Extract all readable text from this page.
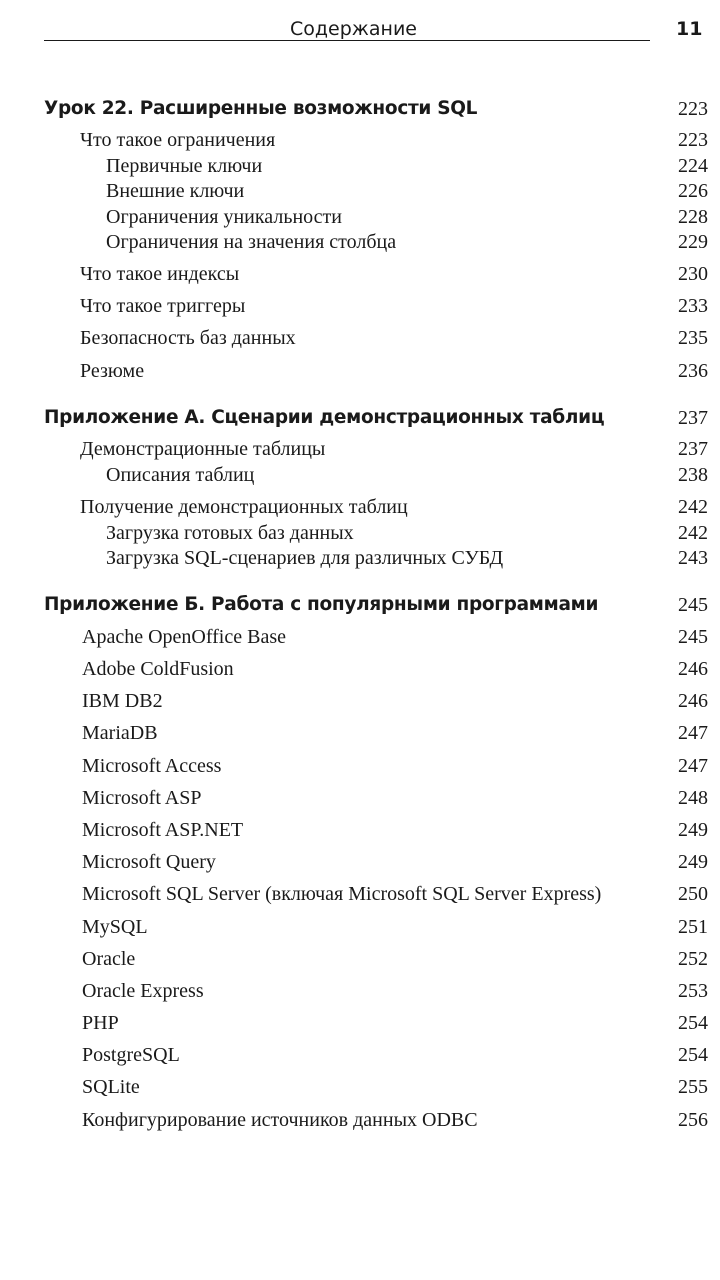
Содержание	11
Урок 22. Расширенные возможности SQL	223
Что такое ограничения	223
Первичные ключи	224
Внешние ключи	226
Ограничения уникальности	228
Ограничения на значения столбца	229
Что такое индексы	230
Что такое триггеры	233
Безопасность баз данных	235
Резюме	236
Приложение А. Сценарии демонстрационных таблиц	237
Демонстрационные таблицы	237
Описания таблиц	238
Получение демонстрационных таблиц	242
Загрузка готовых баз данных	242
Загрузка SQL-сценариев для различных СУБД	243
Приложение Б. Работа с популярными программами	245
Apache OpenOffice Base	245
Adobe ColdFusion	246
IBM DB2	246
MariaDB	247
Microsoft Access	247
Microsoft ASP	248
Microsoft ASP.NET	249
Microsoft Query	249
Microsoft SQL Server (включая Microsoft SQL Server Express)	250
MySQL	251
Oracle	252
Oracle Express	253
PHP	254
PostgreSQL	254
SQLite	255
Конфигурирование источников данных ODBC	256
